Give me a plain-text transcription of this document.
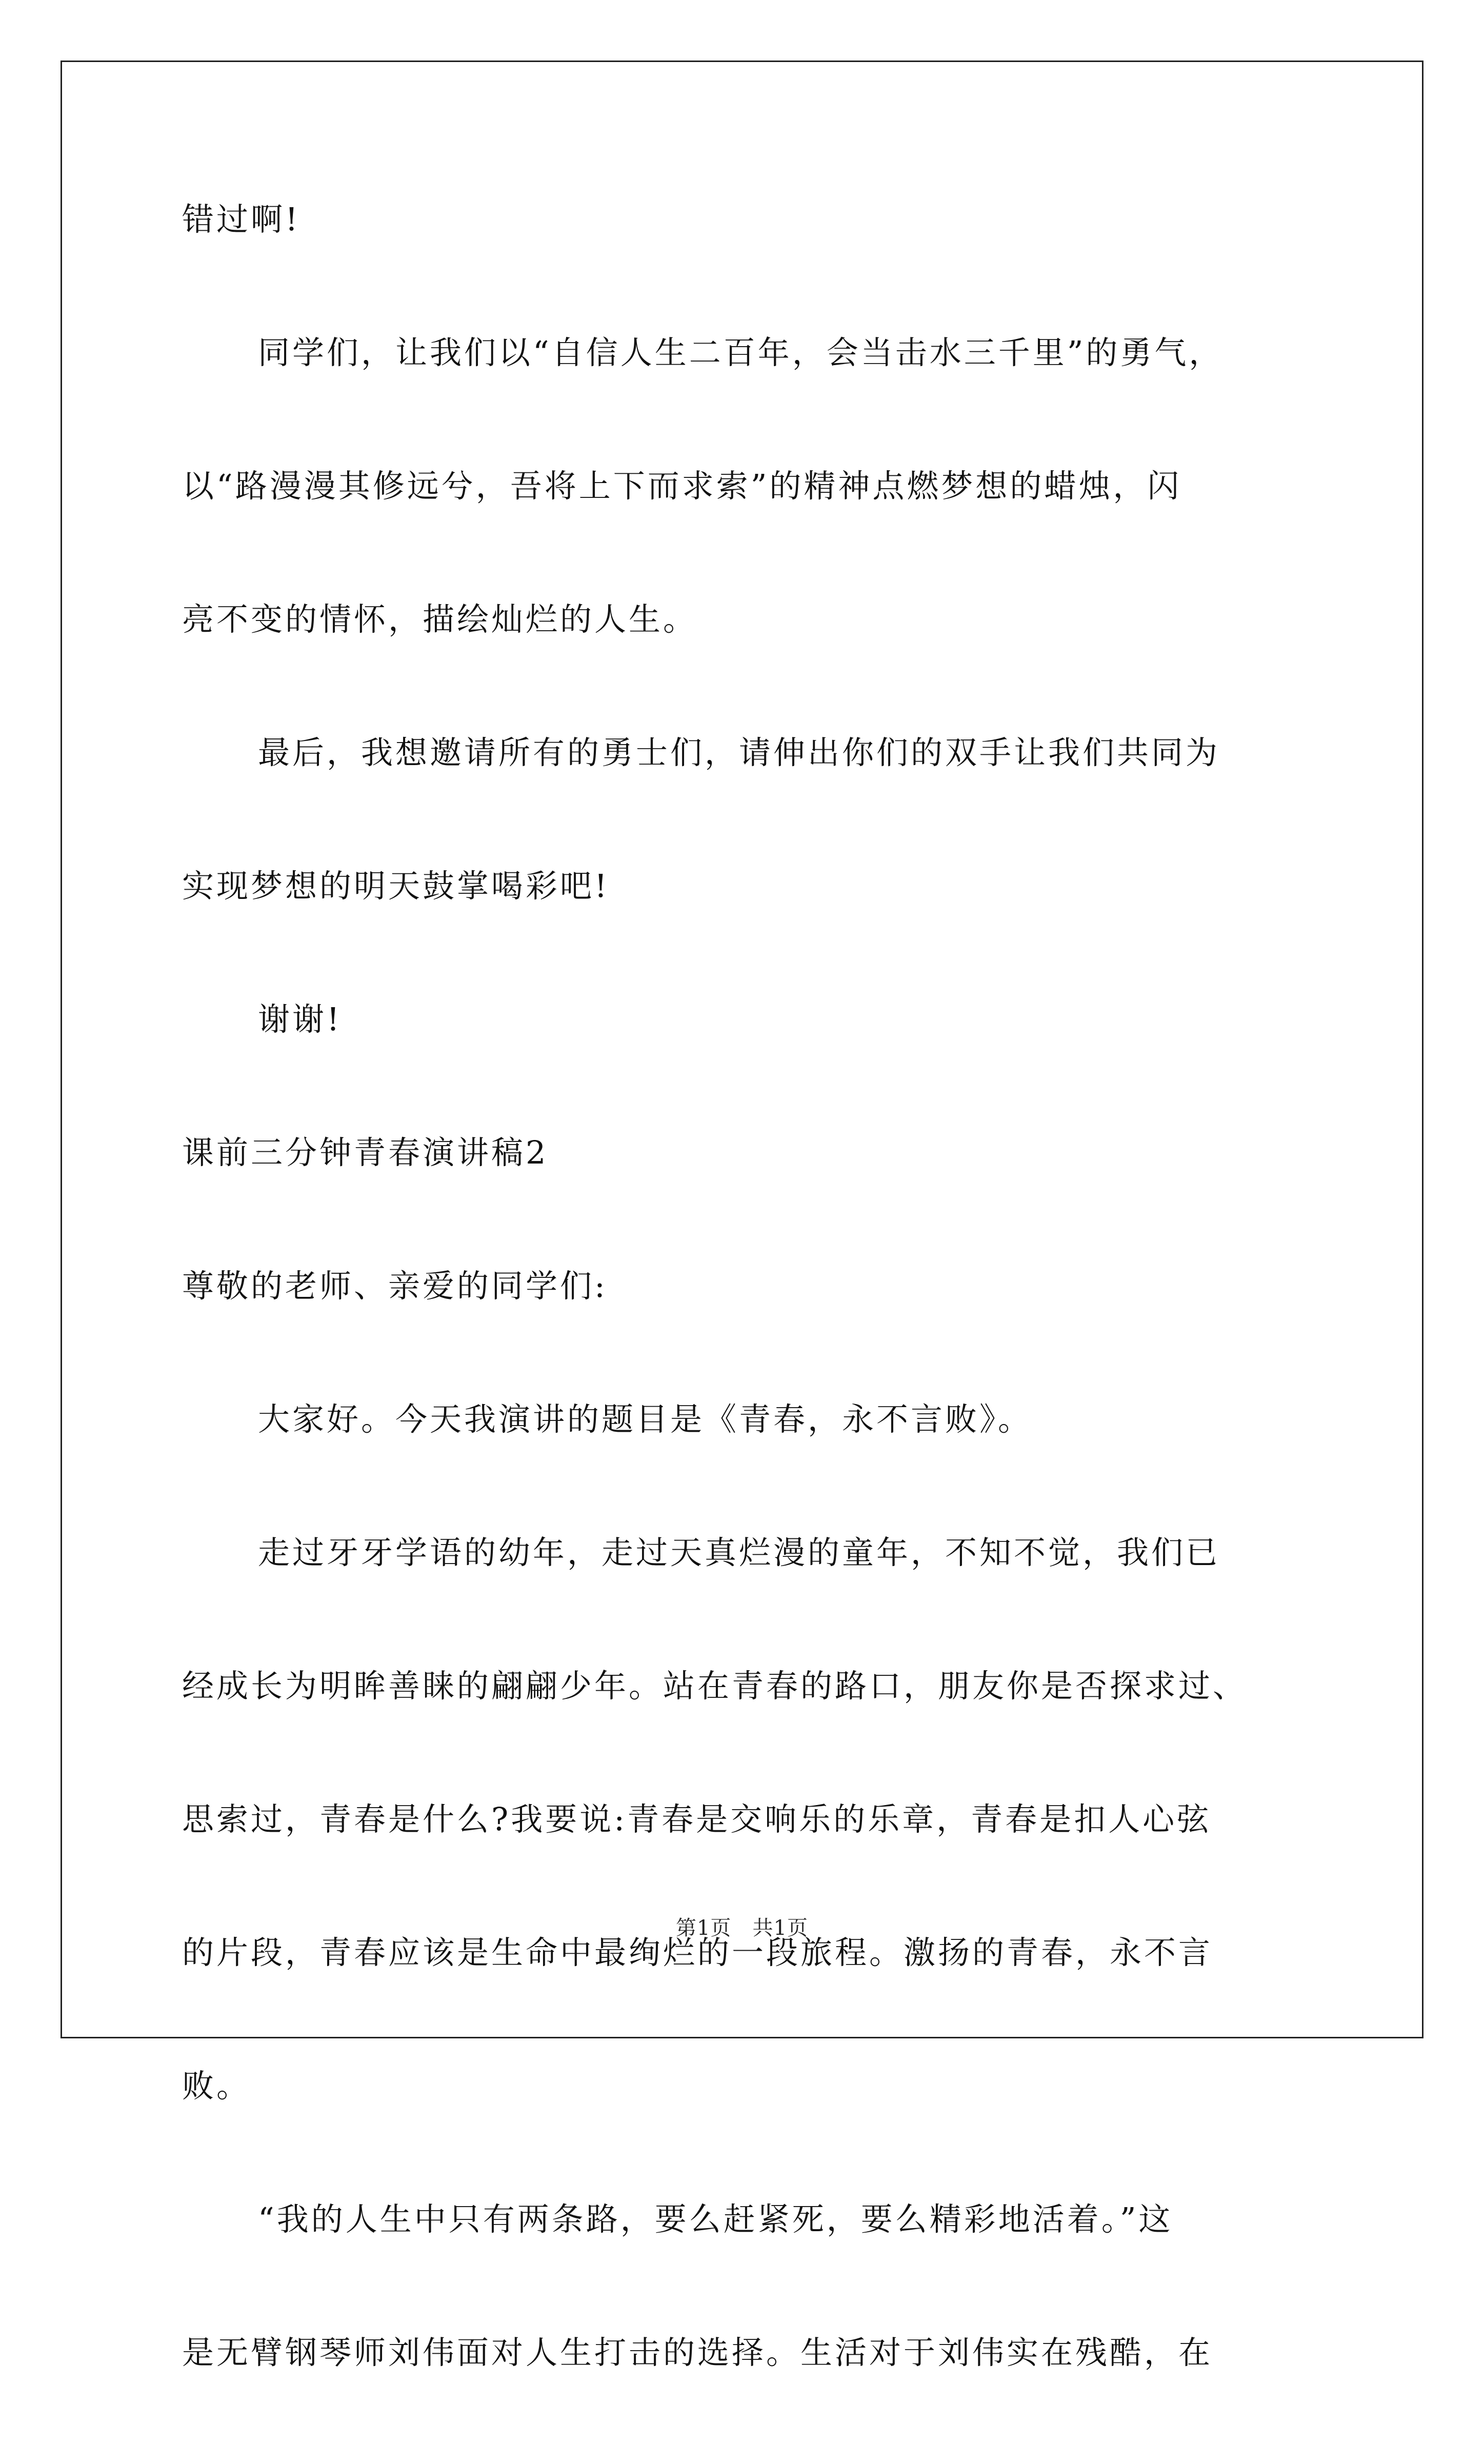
错过啊!

同学们，让我们以“自信人生二百年，会当击水三千里”的勇气，

以“路漫漫其修远兮，吾将上下而求索”的精神点燃梦想的蜡烛，闪

亮不变的情怀，描绘灿烂的人生。

最后，我想邀请所有的勇士们，请伸出你们的双手让我们共同为

实现梦想的明天鼓掌喝彩吧!

谢谢!

课前三分钟青春演讲稿2

尊敬的老师、亲爱的同学们:

大家好。今天我演讲的题目是《青春，永不言败》。

走过牙牙学语的幼年，走过天真烂漫的童年，不知不觉，我们已

经成长为明眸善睐的翩翩少年。站在青春的路口，朋友你是否探求过、

思索过，青春是什么?我要说:青春是交响乐的乐章，青春是扣人心弦

的片段，青春应该是生命中最绚烂的一段旅程。激扬的青春，永不言

败。

“我的人生中只有两条路，要么赶紧死，要么精彩地活着。”这

是无臂钢琴师刘伟面对人生打击的选择。生活对于刘伟实在残酷，在

第1页   共1页
